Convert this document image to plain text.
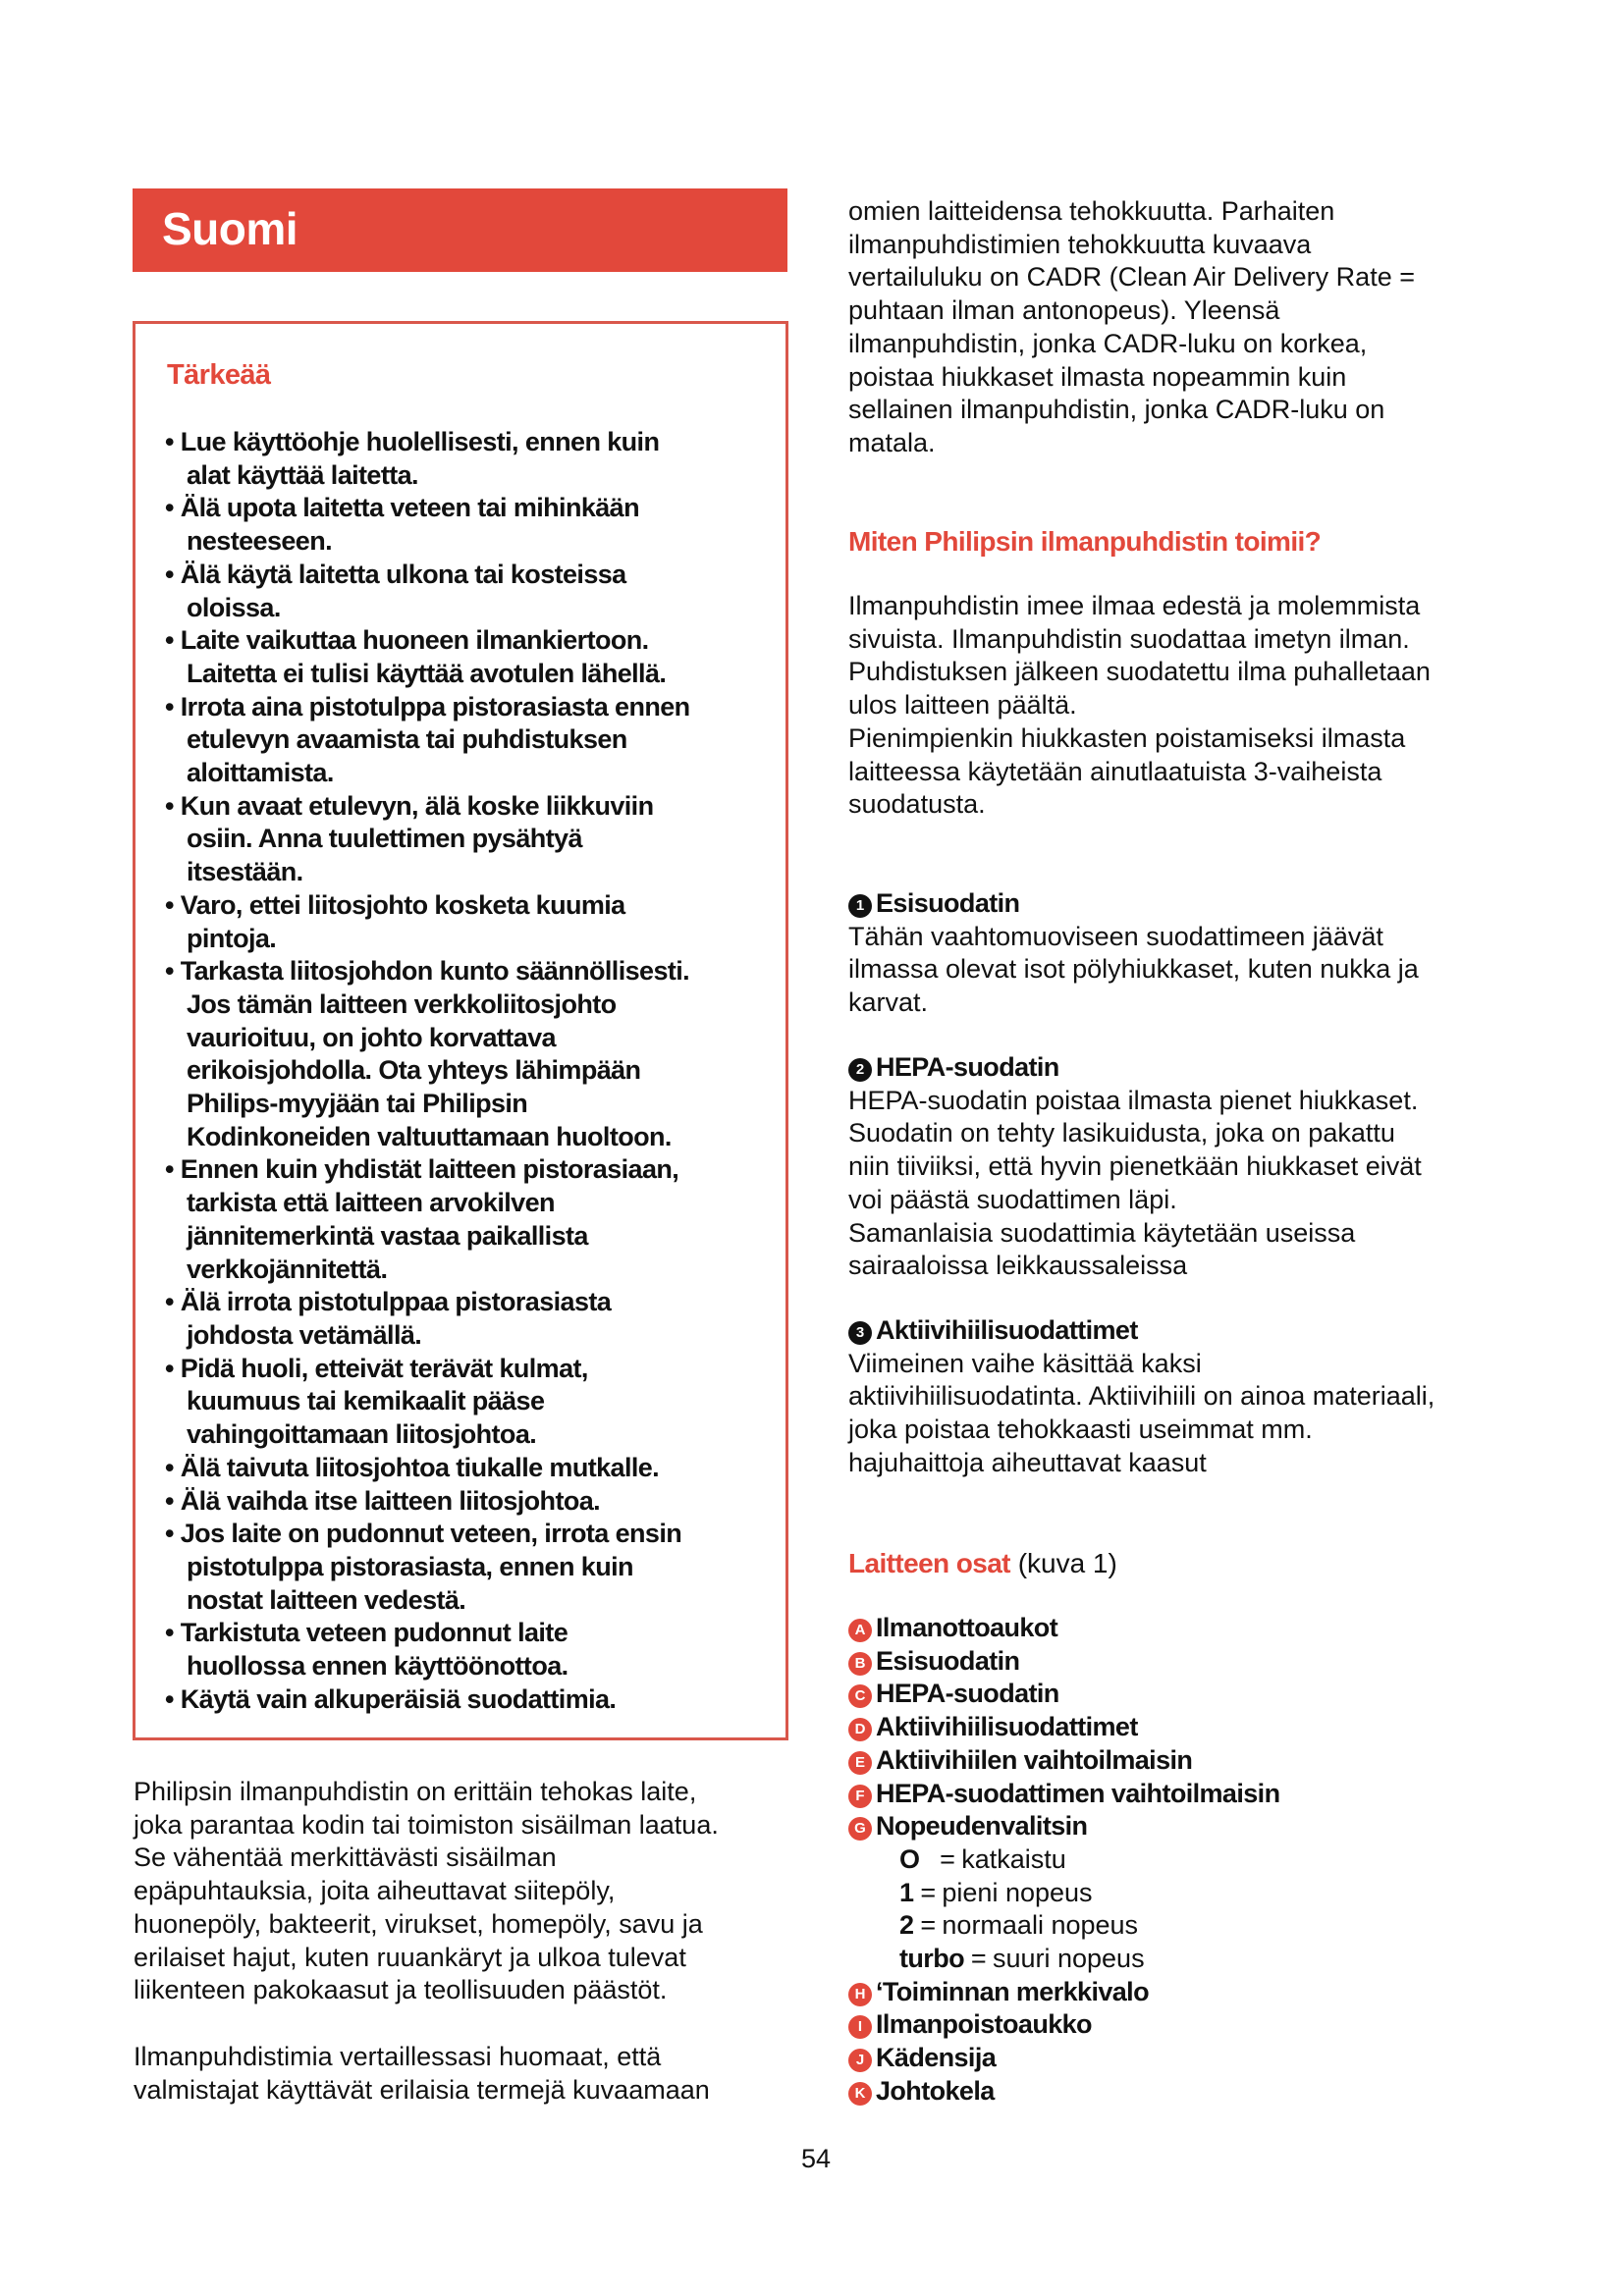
Suomi
Tärkeää
• Lue käyttöohje huolellisesti, ennen kuin
alat käyttää laitetta.
• Älä upota laitetta veteen tai mihinkään
nesteeseen.
• Älä käytä laitetta ulkona tai kosteissa
oloissa.
• Laite vaikuttaa huoneen ilmankiertoon.
Laitetta ei tulisi käyttää avotulen lähellä.
• Irrota aina pistotulppa pistorasiasta ennen
etulevyn avaamista tai puhdistuksen
aloittamista.
• Kun avaat etulevyn, älä koske liikkuviin
osiin. Anna tuulettimen pysähtyä
itsestään.
• Varo, ettei liitosjohto kosketa kuumia
pintoja.
• Tarkasta liitosjohdon kunto säännöllisesti.
Jos tämän laitteen verkkoliitosjohto
vaurioituu, on johto korvattava
erikoisjohdolla. Ota yhteys lähimpään
Philips-myyjään tai Philipsin
Kodinkoneiden valtuuttamaan huoltoon.
• Ennen kuin yhdistät laitteen pistorasiaan,
tarkista että laitteen arvokilven
jännitemerkintä vastaa paikallista
verkkojännitettä.
• Älä irrota pistotulppaa pistorasiasta
johdosta vetämällä.
• Pidä huoli, etteivät terävät kulmat,
kuumuus tai kemikaalit pääse
vahingoittamaan liitosjohtoa.
• Älä taivuta liitosjohtoa tiukalle mutkalle.
• Älä vaihda itse laitteen liitosjohtoa.
• Jos laite on pudonnut veteen, irrota ensin
pistotulppa pistorasiasta, ennen kuin
nostat laitteen vedestä.
• Tarkistuta veteen pudonnut laite
huollossa ennen käyttöönottoa.
• Käytä vain alkuperäisiä suodattimia.
Philipsin ilmanpuhdistin on erittäin tehokas laite,
joka parantaa kodin tai toimiston sisäilman laatua.
Se vähentää merkittävästi sisäilman
epäpuhtauksia, joita aiheuttavat siitepöly,
huonepöly, bakteerit, virukset, homepöly, savu ja
erilaiset hajut, kuten ruuankäryt ja ulkoa tulevat
liikenteen pakokaasut ja teollisuuden päästöt.
Ilmanpuhdistimia vertaillessasi huomaat, että
valmistajat käyttävät erilaisia termejä kuvaamaan
omien laitteidensa tehokkuutta. Parhaiten
ilmanpuhdistimien tehokkuutta kuvaava
vertailuluku on CADR (Clean Air Delivery Rate =
puhtaan ilman antonopeus). Yleensä
ilmanpuhdistin, jonka CADR-luku on korkea,
poistaa hiukkaset ilmasta nopeammin kuin
sellainen ilmanpuhdistin, jonka CADR-luku on
matala.
Miten Philipsin ilmanpuhdistin toimii?
Ilmanpuhdistin imee ilmaa edestä ja molemmista
sivuista. Ilmanpuhdistin suodattaa imetyn ilman.
Puhdistuksen jälkeen suodatettu ilma puhalletaan
ulos laitteen päältä.
Pienimpienkin hiukkasten poistamiseksi ilmasta
laitteessa käytetään ainutlaatuista 3-vaiheista
suodatusta.
1 Esisuodatin
Tähän vaahtomuoviseen suodattimeen jäävät
ilmassa olevat isot pölyhiukkaset, kuten nukka ja
karvat.
2 HEPA-suodatin
HEPA-suodatin poistaa ilmasta pienet hiukkaset.
Suodatin on tehty lasikuidusta, joka on pakattu
niin tiiviiksi, että hyvin pienetkään hiukkaset eivät
voi päästä suodattimen läpi.
Samanlaisia suodattimia käytetään useissa
sairaaloissa leikkaussaleissa
3 Aktiivihiilisuodattimet
Viimeinen vaihe käsittää kaksi
aktiivihiilisuodatinta. Aktiivihiili on ainoa materiaali,
joka poistaa tehokkaasti useimmat mm.
hajuhaittoja aiheuttavat kaasut
Laitteen osat (kuva 1)
A Ilmanottoaukot
B Esisuodatin
C HEPA-suodatin
D Aktiivihiilisuodattimet
E Aktiivihiilen vaihtoilmaisin
F HEPA-suodattimen vaihtoilmaisin
G Nopeudenvalitsin
O   = katkaistu
1 = pieni nopeus
2 = normaali nopeus
turbo = suuri nopeus
H ‘Toiminnan merkkivalo
I Ilmanpoistoaukko
J Kädensija
K Johtokela
54
